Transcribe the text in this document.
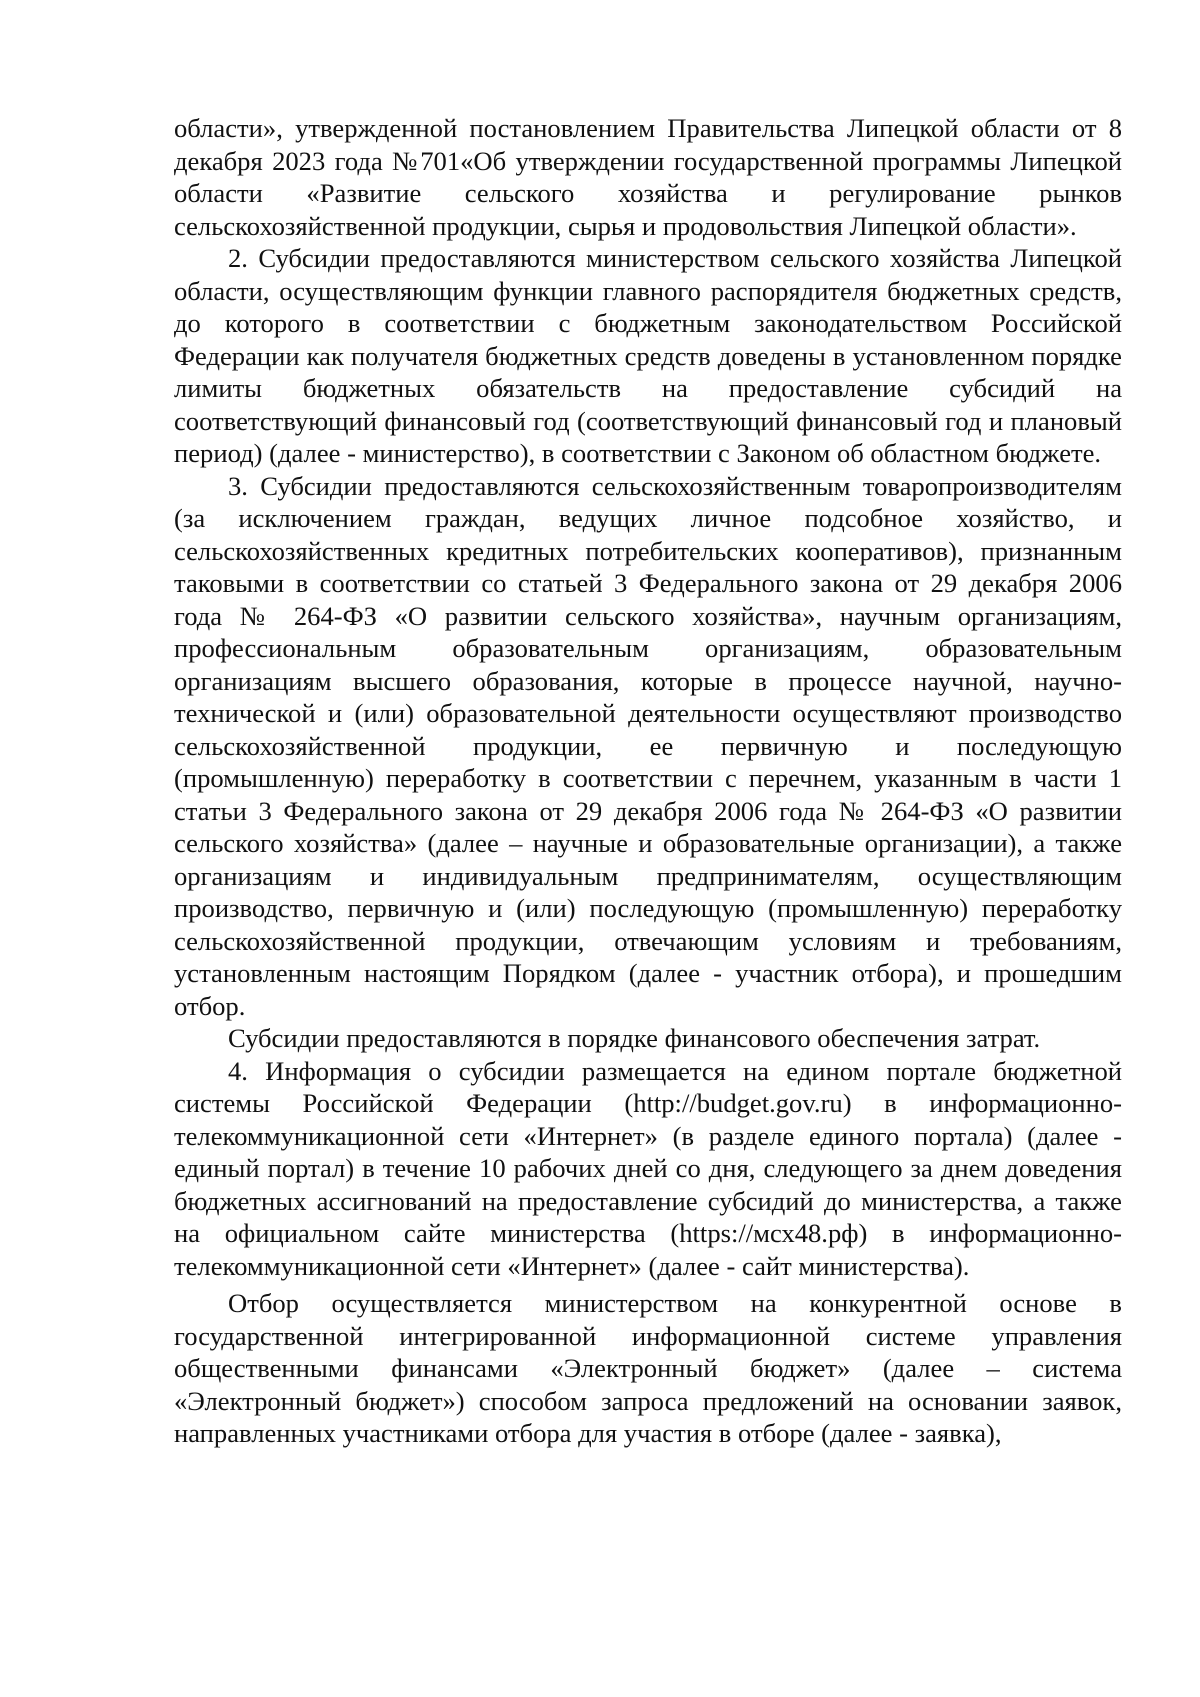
области», утвержденной постановлением Правительства Липецкой области от 8 декабря 2023 года №701«Об утверждении государственной программы Липецкой области «Развитие сельского хозяйства и регулирование рынков сельскохозяйственной продукции, сырья и продовольствия Липецкой области».

2. Субсидии предоставляются министерством сельского хозяйства Липецкой области, осуществляющим функции главного распорядителя бюджетных средств, до которого в соответствии с бюджетным законодательством Российской Федерации как получателя бюджетных средств доведены в установленном порядке лимиты бюджетных обязательств на предоставление субсидий на соответствующий финансовый год (соответствующий финансовый год и плановый период) (далее - министерство), в соответствии с Законом об областном бюджете.

3. Субсидии предоставляются сельскохозяйственным товаропроизводителям (за исключением граждан, ведущих личное подсобное хозяйство, и сельскохозяйственных кредитных потребительских кооперативов), признанным таковыми в соответствии со статьей 3 Федерального закона от 29 декабря 2006 года № 264-ФЗ «О развитии сельского хозяйства», научным организациям, профессиональным образовательным организациям, образовательным организациям высшего образования, которые в процессе научной, научно-технической и (или) образовательной деятельности осуществляют производство сельскохозяйственной продукции, ее первичную и последующую (промышленную) переработку в соответствии с перечнем, указанным в части 1 статьи 3 Федерального закона от 29 декабря 2006 года № 264-ФЗ «О развитии сельского хозяйства» (далее – научные и образовательные организации), а также организациям и индивидуальным предпринимателям, осуществляющим производство, первичную и (или) последующую (промышленную) переработку сельскохозяйственной продукции, отвечающим условиям и требованиям, установленным настоящим Порядком (далее - участник отбора), и прошедшим отбор.

Субсидии предоставляются в порядке финансового обеспечения затрат.

4. Информация о субсидии размещается на едином портале бюджетной системы Российской Федерации (http://budget.gov.ru) в информационно-телекоммуникационной сети «Интернет» (в разделе единого портала) (далее - единый портал) в течение 10 рабочих дней со дня, следующего за днем доведения бюджетных ассигнований на предоставление субсидий до министерства, а также на официальном сайте министерства (https://мсх48.рф) в информационно-телекоммуникационной сети «Интернет» (далее - сайт министерства).

Отбор осуществляется министерством на конкурентной основе в государственной интегрированной информационной системе управления общественными финансами «Электронный бюджет» (далее – система «Электронный бюджет») способом запроса предложений на основании заявок, направленных участниками отбора для участия в отборе (далее - заявка),
